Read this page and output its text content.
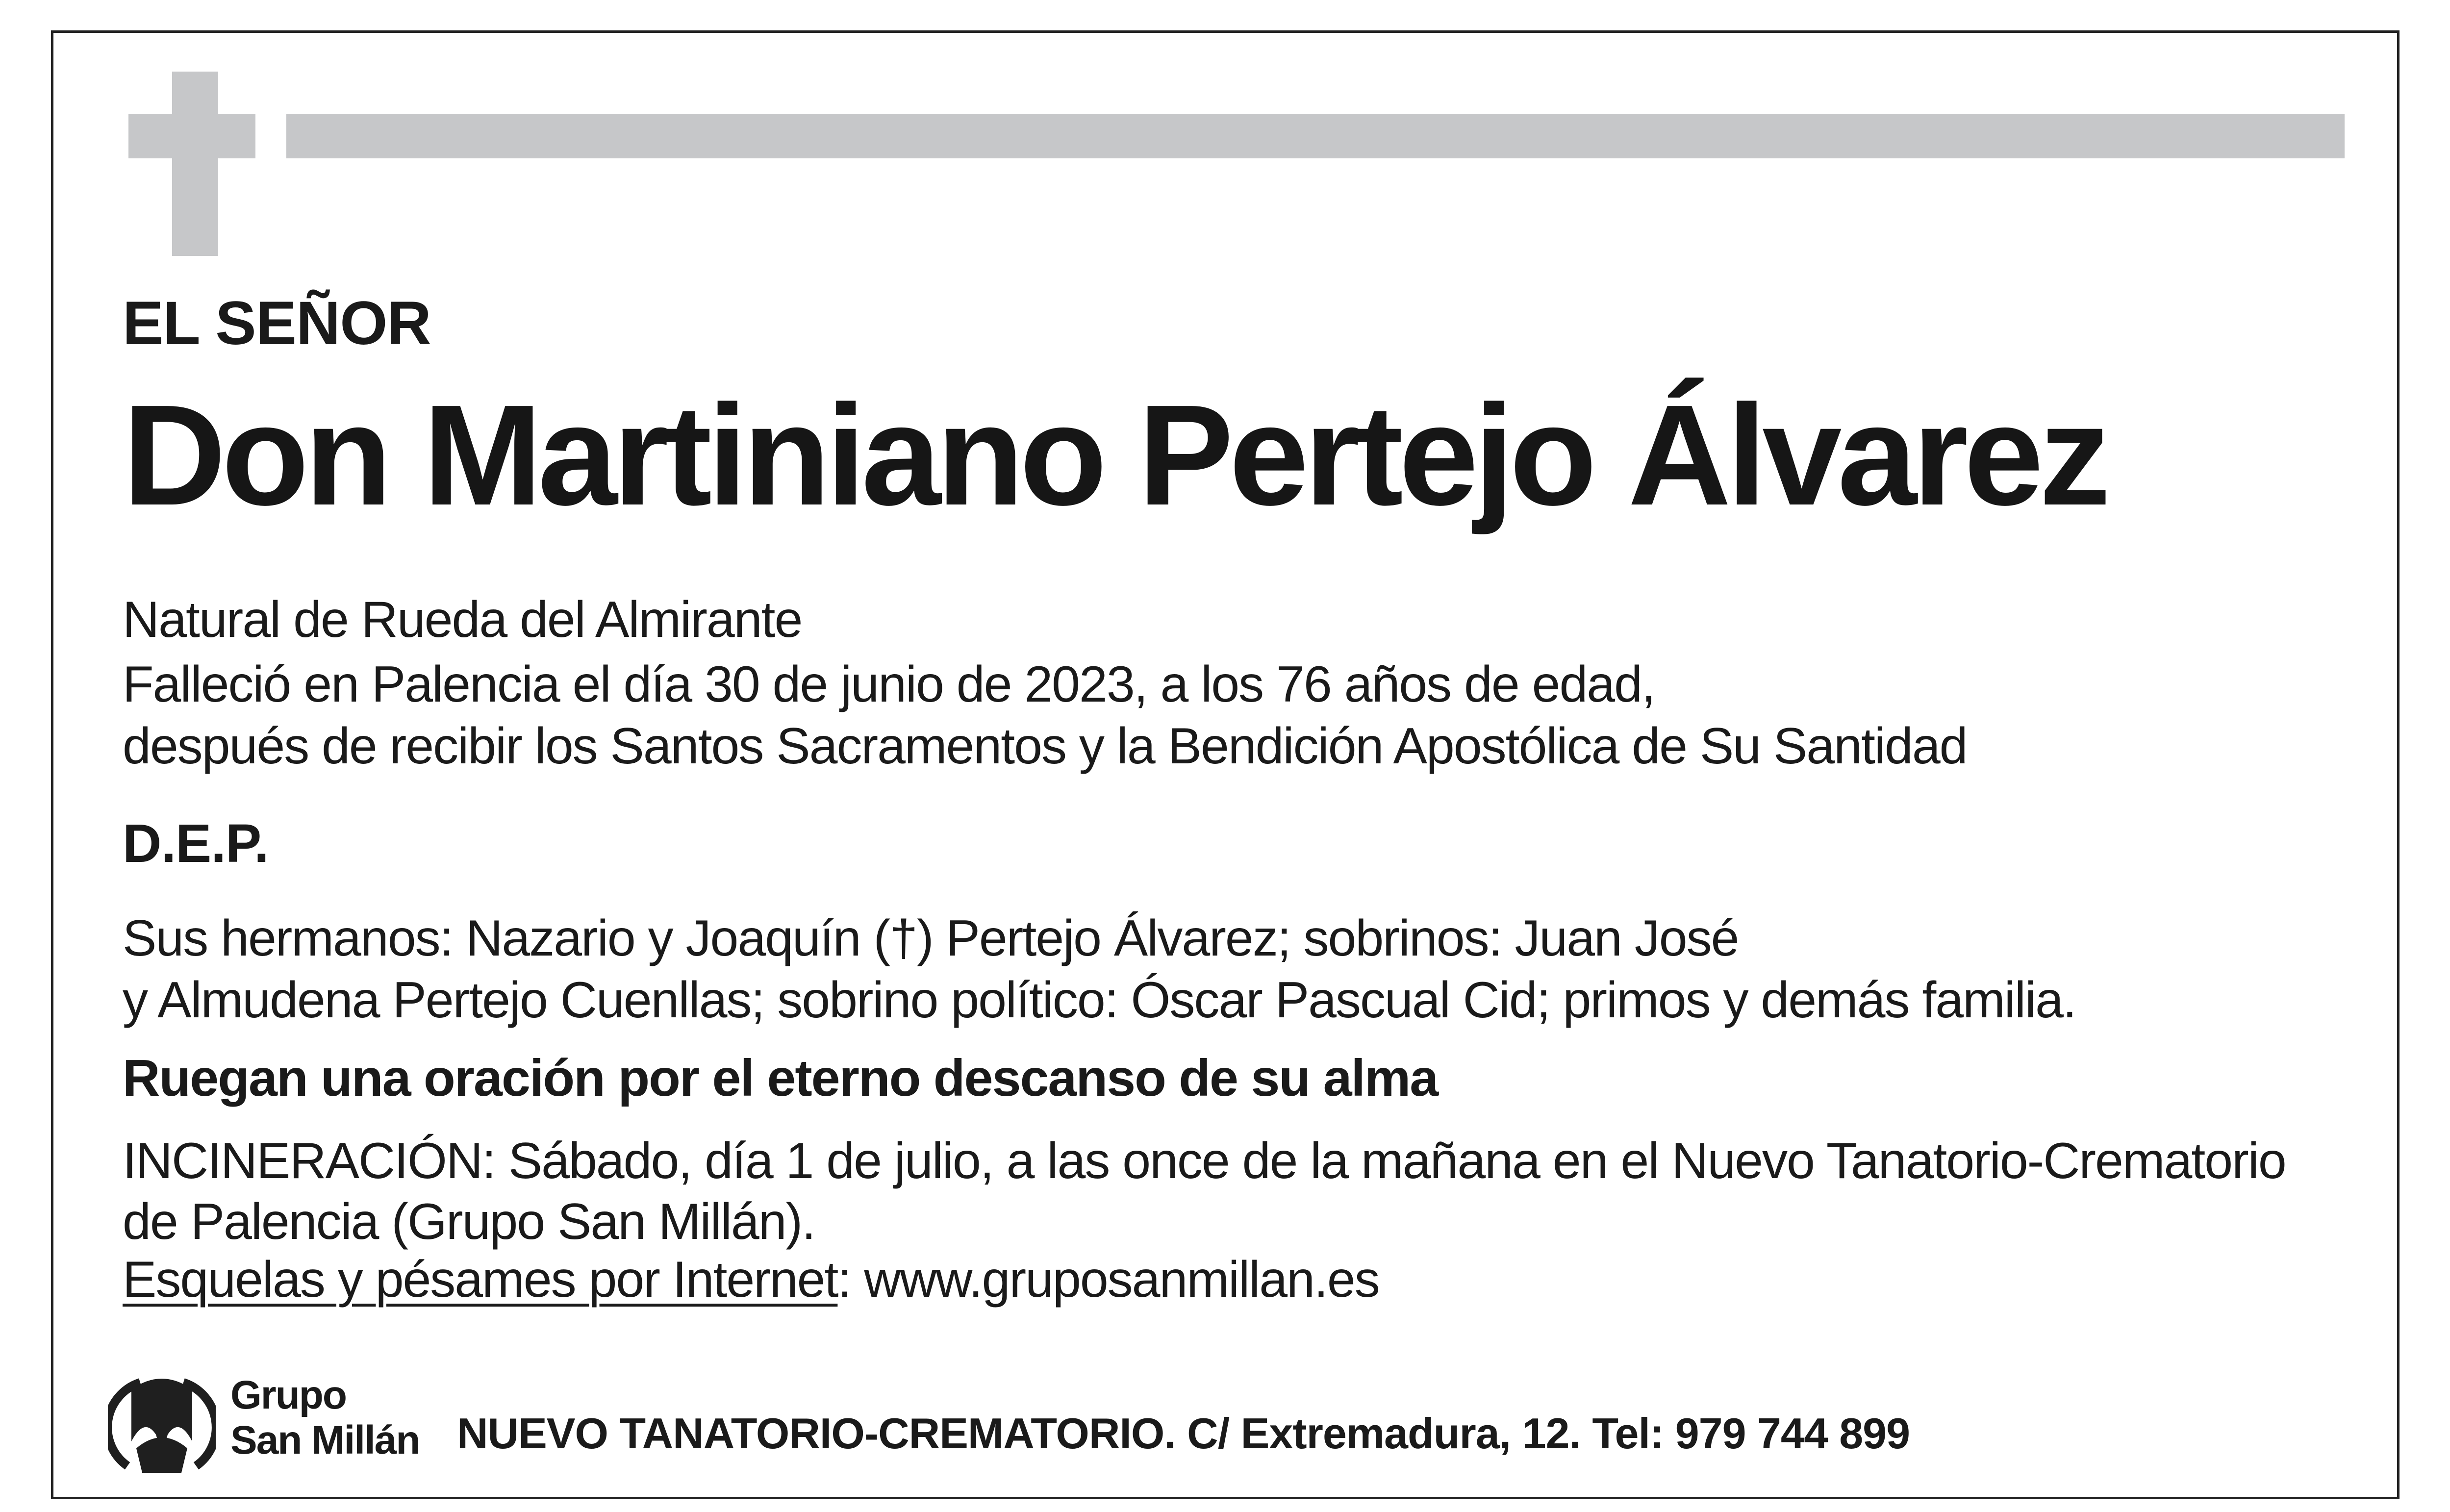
EL SEÑOR
Don Martiniano Pertejo Álvarez
Natural de Rueda del Almirante
Falleció en Palencia el día 30 de junio de 2023, a los 76 años de edad,
después de recibir los Santos Sacramentos y la Bendición Apostólica de Su Santidad
D.E.P.
Sus hermanos: Nazario y Joaquín (†) Pertejo Álvarez; sobrinos: Juan José
y Almudena Pertejo Cuenllas; sobrino político: Óscar Pascual Cid; primos y demás familia.
Ruegan una oración por el eterno descanso de su alma
INCINERACIÓN: Sábado, día 1 de julio, a las once de la mañana en el Nuevo Tanatorio-Crematorio
de Palencia (Grupo San Millán).
Esquelas y pésames por Internet: www.gruposanmillan.es
Grupo
San Millán NUEVO TANATORIO-CREMATORIO. C/ Extremadura, 12. Tel: 979 744 899
